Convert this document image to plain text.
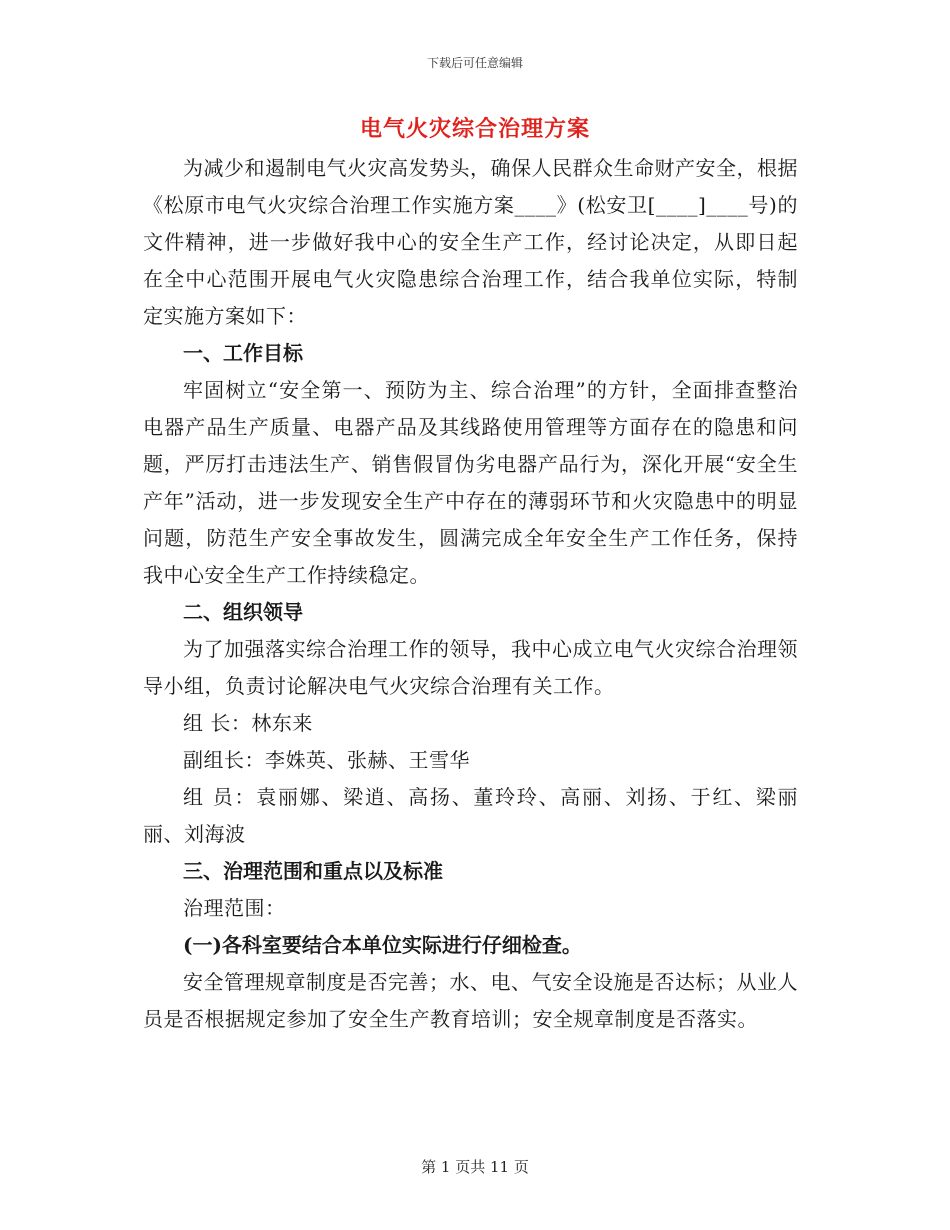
下载后可任意编辑
电气火灾综合治理方案

为减少和遏制电气火灾高发势头，确保人民群众生命财产安全，根据《松原市电气火灾综合治理工作实施方案____》(松安卫[____]____号)的文件精神，进一步做好我中心的安全生产工作，经讨论决定，从即日起在全中心范围开展电气火灾隐患综合治理工作，结合我单位实际，特制定实施方案如下：

一、工作目标

牢固树立“安全第一、预防为主、综合治理”的方针，全面排查整治电器产品生产质量、电器产品及其线路使用管理等方面存在的隐患和问题，严厉打击违法生产、销售假冒伪劣电器产品行为，深化开展“安全生产年”活动，进一步发现安全生产中存在的薄弱环节和火灾隐患中的明显问题，防范生产安全事故发生，圆满完成全年安全生产工作任务，保持我中心安全生产工作持续稳定。

二、组织领导

为了加强落实综合治理工作的领导，我中心成立电气火灾综合治理领导小组，负责讨论解决电气火灾综合治理有关工作。

组 长：林东来

副组长：李姝英、张赫、王雪华

组 员：袁丽娜、梁逍、高扬、董玲玲、高丽、刘扬、于红、梁丽丽、刘海波

三、治理范围和重点以及标准

治理范围：

(一)各科室要结合本单位实际进行仔细检查。

安全管理规章制度是否完善；水、电、气安全设施是否达标；从业人员是否根据规定参加了安全生产教育培训；安全规章制度是否落实。

第 1 页共 11 页
